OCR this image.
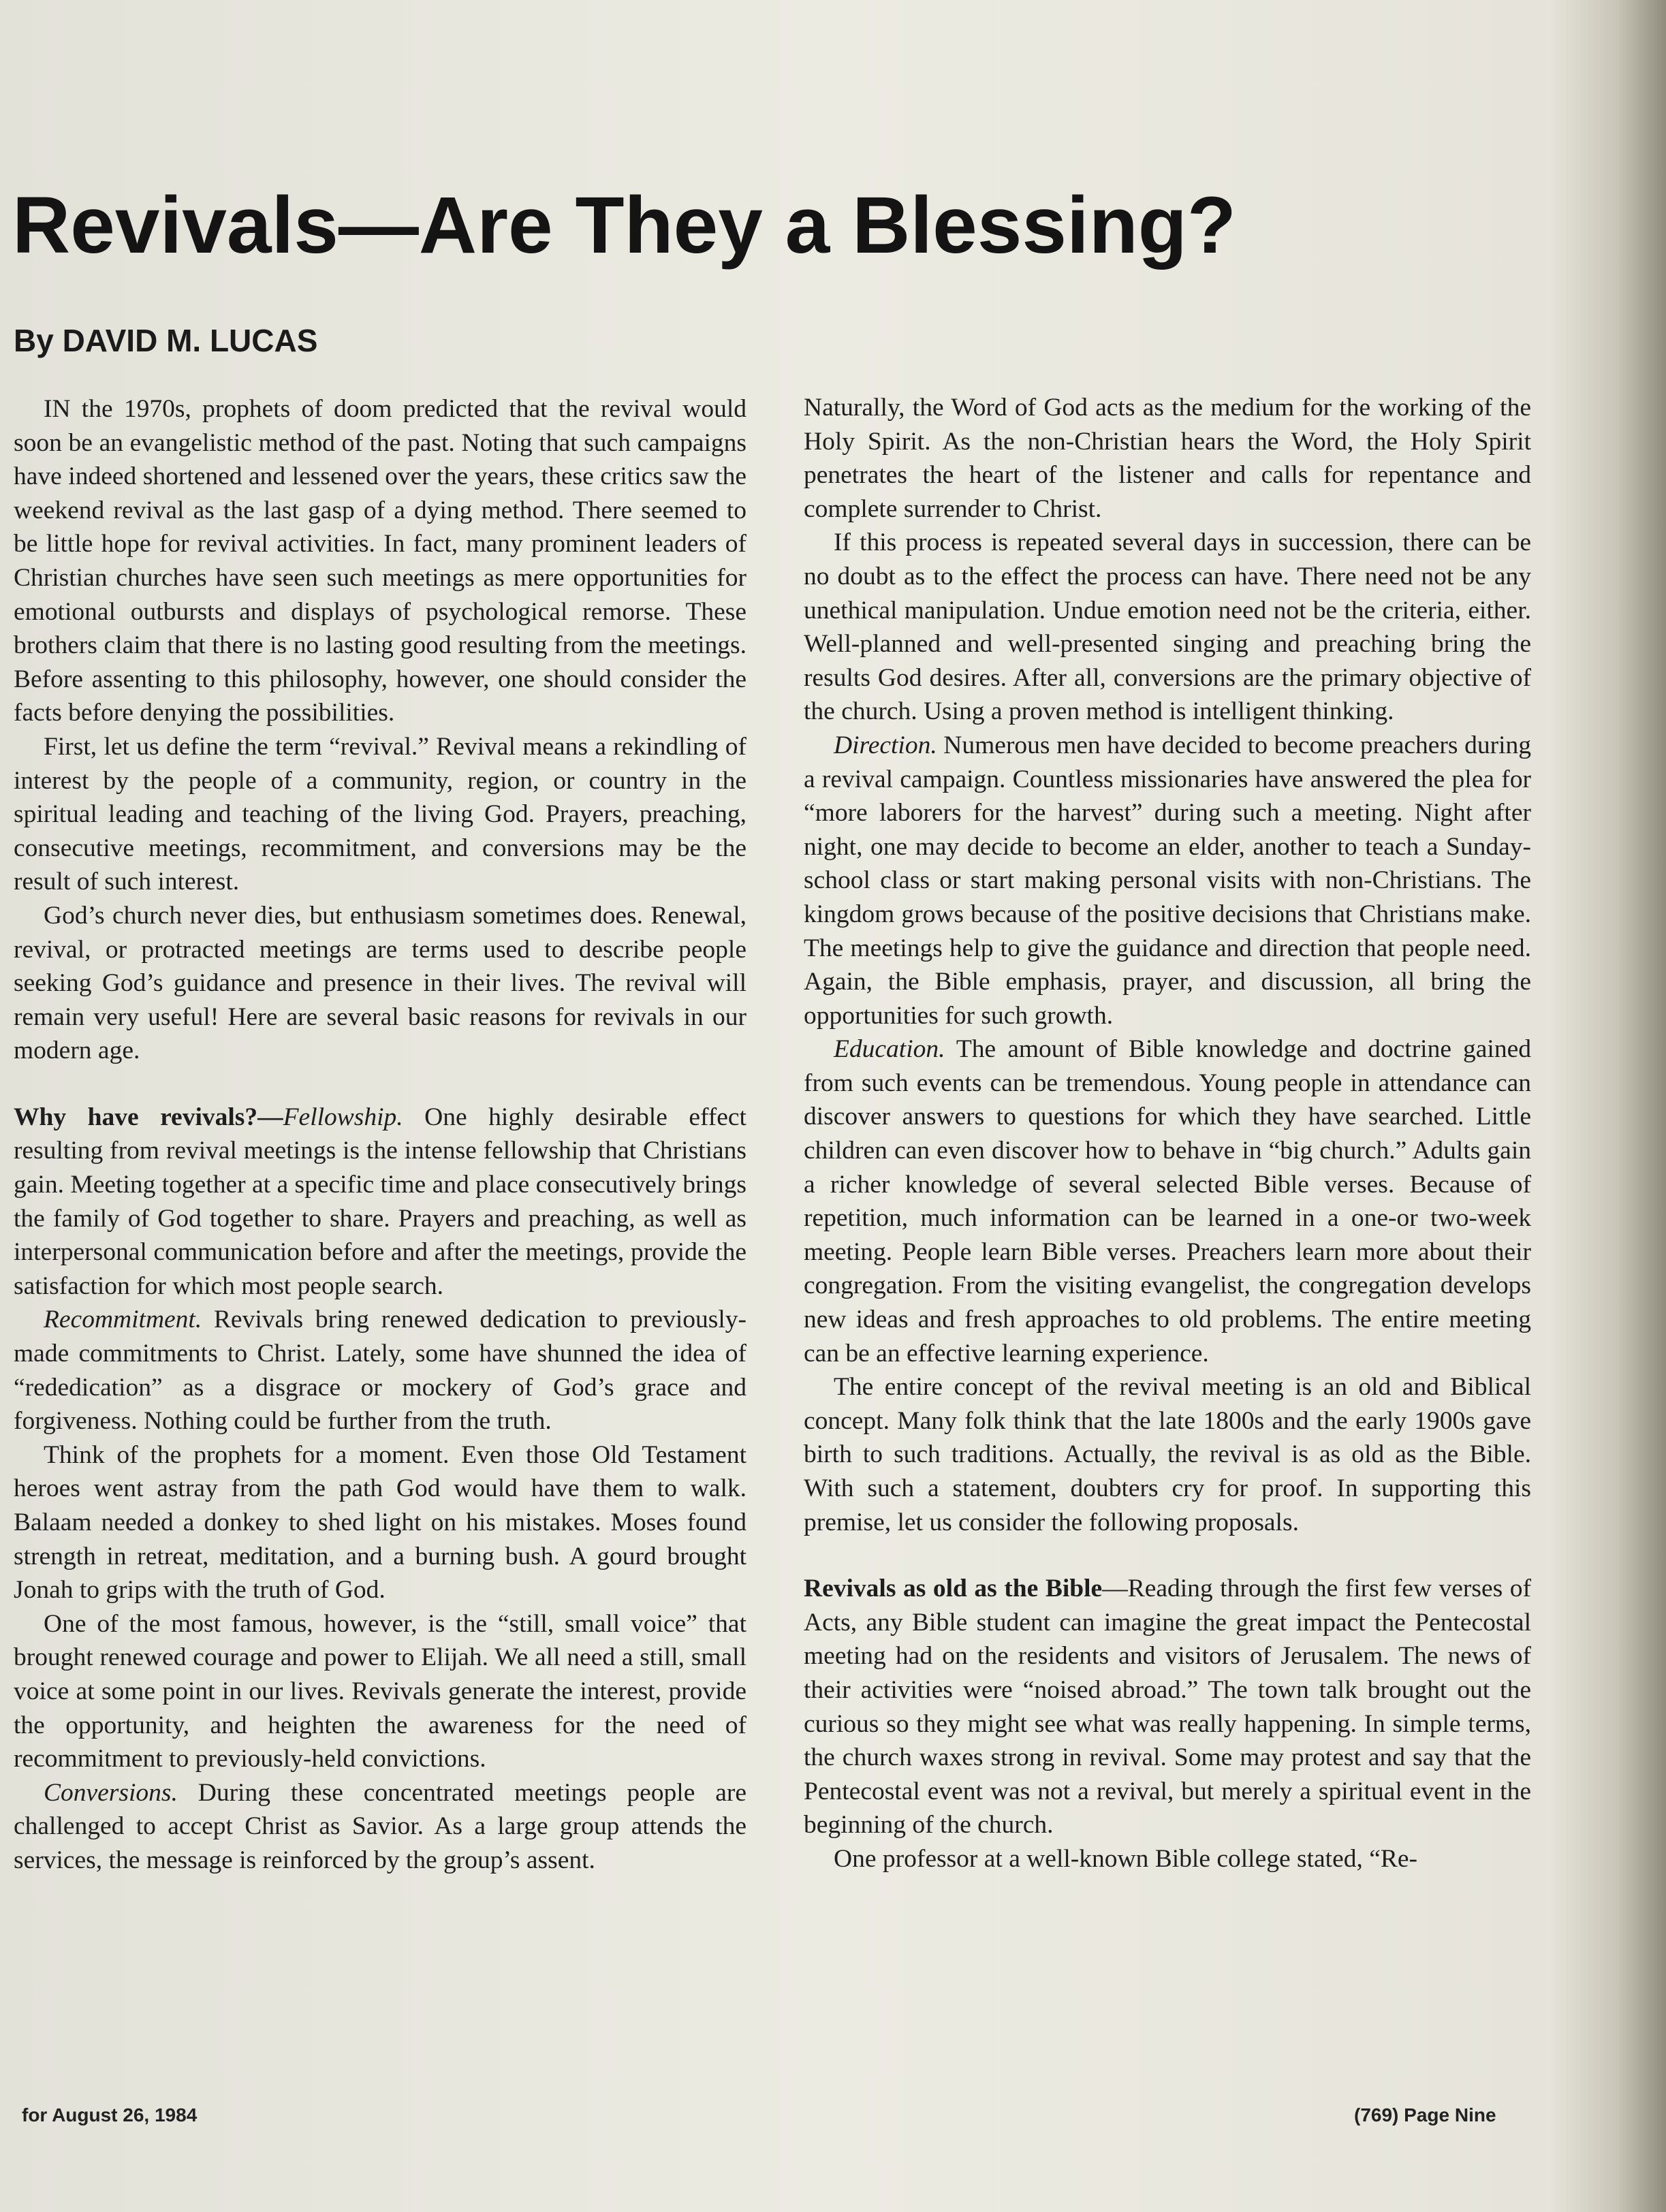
Revivals—Are They a Blessing?
By DAVID M. LUCAS

IN the 1970s, prophets of doom predicted that the revival would soon be an evangelistic method of the past. Noting that such campaigns have indeed shortened and lessened over the years, these critics saw the weekend revival as the last gasp of a dying method. There seemed to be little hope for revival activities. In fact, many prominent leaders of Christian churches have seen such meetings as mere opportunities for emotional outbursts and displays of psychological remorse. These brothers claim that there is no lasting good resulting from the meetings. Before assenting to this philosophy, however, one should consider the facts before denying the possibilities.

First, let us define the term “revival.” Revival means a rekindling of interest by the people of a community, region, or country in the spiritual leading and teaching of the living God. Prayers, preaching, consecutive meetings, recommitment, and conversions may be the result of such interest.

God’s church never dies, but enthusiasm sometimes does. Renewal, revival, or protracted meetings are terms used to describe people seeking God’s guidance and presence in their lives. The revival will remain very useful! Here are several basic reasons for revivals in our modern age.

Why have revivals?—Fellowship. One highly desirable effect resulting from revival meetings is the intense fellowship that Christians gain. Meeting together at a specific time and place consecutively brings the family of God together to share. Prayers and preaching, as well as interpersonal communication before and after the meetings, provide the satisfaction for which most people search.

Recommitment. Revivals bring renewed dedication to previously-made commitments to Christ. Lately, some have shunned the idea of “rededication” as a disgrace or mockery of God’s grace and forgiveness. Nothing could be further from the truth.

Think of the prophets for a moment. Even those Old Testament heroes went astray from the path God would have them to walk. Balaam needed a donkey to shed light on his mistakes. Moses found strength in retreat, meditation, and a burning bush. A gourd brought Jonah to grips with the truth of God.

One of the most famous, however, is the “still, small voice” that brought renewed courage and power to Elijah. We all need a still, small voice at some point in our lives. Revivals generate the interest, provide the opportunity, and heighten the awareness for the need of recommitment to previously-held convictions.

Conversions. During these concentrated meetings people are challenged to accept Christ as Savior. As a large group attends the services, the message is reinforced by the group’s assent.

Naturally, the Word of God acts as the medium for the working of the Holy Spirit. As the non-Christian hears the Word, the Holy Spirit penetrates the heart of the listener and calls for repentance and complete surrender to Christ.

If this process is repeated several days in succession, there can be no doubt as to the effect the process can have. There need not be any unethical manipulation. Undue emotion need not be the criteria, either. Well-planned and well-presented singing and preaching bring the results God desires. After all, conversions are the primary objective of the church. Using a proven method is intelligent thinking.

Direction. Numerous men have decided to become preachers during a revival campaign. Countless missionaries have answered the plea for “more laborers for the harvest” during such a meeting. Night after night, one may decide to become an elder, another to teach a Sunday-school class or start making personal visits with non-Christians. The kingdom grows because of the positive decisions that Christians make. The meetings help to give the guidance and direction that people need. Again, the Bible emphasis, prayer, and discussion, all bring the opportunities for such growth.

Education. The amount of Bible knowledge and doctrine gained from such events can be tremendous. Young people in attendance can discover answers to questions for which they have searched. Little children can even discover how to behave in “big church.” Adults gain a richer knowledge of several selected Bible verses. Because of repetition, much information can be learned in a one-or two-week meeting. People learn Bible verses. Preachers learn more about their congregation. From the visiting evangelist, the congregation develops new ideas and fresh approaches to old problems. The entire meeting can be an effective learning experience.

The entire concept of the revival meeting is an old and Biblical concept. Many folk think that the late 1800s and the early 1900s gave birth to such traditions. Actually, the revival is as old as the Bible. With such a statement, doubters cry for proof. In supporting this premise, let us consider the following proposals.

Revivals as old as the Bible—Reading through the first few verses of Acts, any Bible student can imagine the great impact the Pentecostal meeting had on the residents and visitors of Jerusalem. The news of their activities were “noised abroad.” The town talk brought out the curious so they might see what was really happening. In simple terms, the church waxes strong in revival. Some may protest and say that the Pentecostal event was not a revival, but merely a spiritual event in the beginning of the church.

One professor at a well-known Bible college stated, “Re-

for August 26, 1984	(769) Page Nine
